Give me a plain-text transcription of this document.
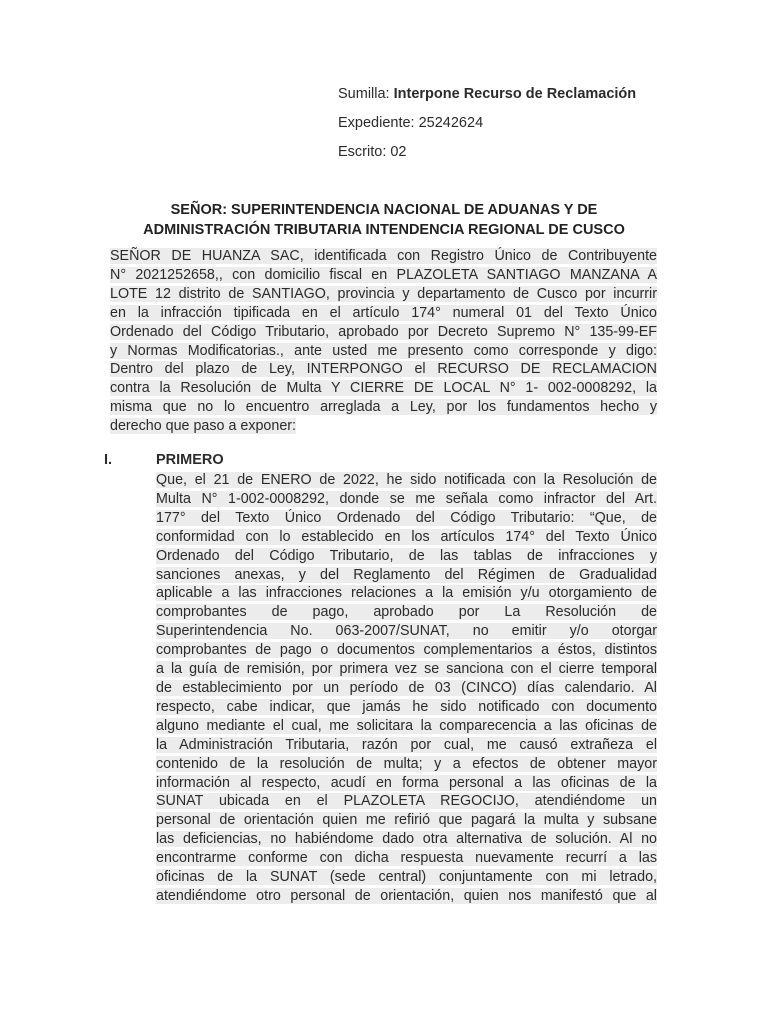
Sumilla: Interpone Recurso de Reclamación
Expediente: 25242624
Escrito: 02
SEÑOR: SUPERINTENDENCIA NACIONAL DE ADUANAS Y DE
ADMINISTRACIÓN TRIBUTARIA INTENDENCIA REGIONAL DE CUSCO
SEÑOR DE HUANZA SAC, identificada con Registro Único de Contribuyente
N° 2021252658,, con domicilio fiscal en PLAZOLETA SANTIAGO MANZANA A
LOTE 12 distrito de SANTIAGO, provincia y departamento de Cusco por incurrir
en la infracción tipificada en el artículo 174° numeral 01 del Texto Único
Ordenado del Código Tributario, aprobado por Decreto Supremo N° 135-99-EF
y Normas Modificatorias., ante usted me presento como corresponde y digo:
Dentro del plazo de Ley, INTERPONGO el RECURSO DE RECLAMACION
contra la Resolución de Multa Y CIERRE DE LOCAL N° 1- 002-0008292, la
misma que no lo encuentro arreglada a Ley, por los fundamentos hecho y
derecho que paso a exponer:
I.	PRIMERO
Que, el 21 de ENERO de 2022, he sido notificada con la Resolución de
Multa N° 1-002-0008292, donde se me señala como infractor del Art.
177° del Texto Único Ordenado del Código Tributario: “Que, de
conformidad con lo establecido en los artículos 174° del Texto Único
Ordenado del Código Tributario, de las tablas de infracciones y
sanciones anexas, y del Reglamento del Régimen de Gradualidad
aplicable a las infracciones relaciones a la emisión y/u otorgamiento de
comprobantes de pago, aprobado por La Resolución de
Superintendencia No. 063-2007/SUNAT, no emitir y/o otorgar
comprobantes de pago o documentos complementarios a éstos, distintos
a la guía de remisión, por primera vez se sanciona con el cierre temporal
de establecimiento por un período de 03 (CINCO) días calendario. Al
respecto, cabe indicar, que jamás he sido notificado con documento
alguno mediante el cual, me solicitara la comparecencia a las oficinas de
la Administración Tributaria, razón por cual, me causó extrañeza el
contenido de la resolución de multa; y a efectos de obtener mayor
información al respecto, acudí en forma personal a las oficinas de la
SUNAT ubicada en el PLAZOLETA REGOCIJO, atendiéndome un
personal de orientación quien me refirió que pagará la multa y subsane
las deficiencias, no habiéndome dado otra alternativa de solución. Al no
encontrarme conforme con dicha respuesta nuevamente recurrí a las
oficinas de la SUNAT (sede central) conjuntamente con mi letrado,
atendiéndome otro personal de orientación, quien nos manifestó que al
